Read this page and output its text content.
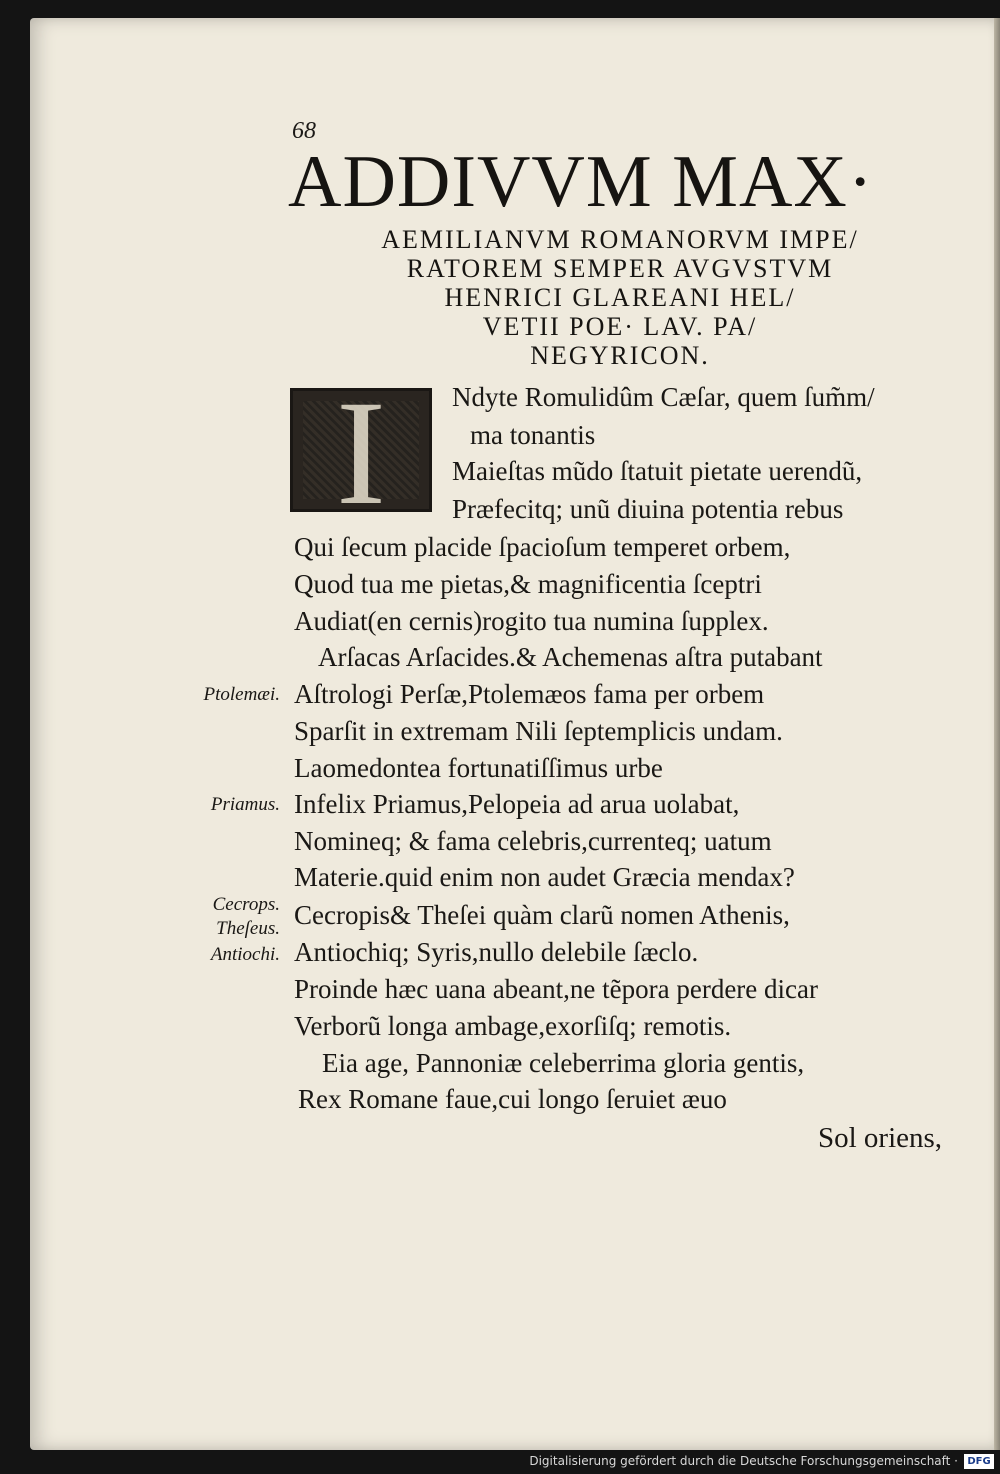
68
ADDIVVM MAX·
AEMILIANVM ROMANORVM IMPE/
RATOREM SEMPER AVGVSTVM
HENRICI GLAREANI HEL/
VETII POE· LAV. PA/
NEGYRICON.
I	Ndyte Romulidûm Cæſar, quem ſum̃m/
ma tonantis
Maieſtas mũdo ſtatuit pietate uerendũ,
Præfecitq; unũ diuina potentia rebus
Qui ſecum placide ſpacioſum temperet orbem,
Quod tua me pietas,& magnificentia ſceptri
Audiat(en cernis)rogito tua numina ſupplex.
Arſacas Arſacides.& Achemenas aſtra putabant
Aſtrologi Perſæ,Ptolemæos fama per orbem
Sparſit in extremam Nili ſeptemplicis undam.
Laomedontea fortunatiſſimus urbe
Infelix Priamus,Pelopeia ad arua uolabat,
Nomineq; & fama celebris,currenteq; uatum
Materie.quid enim non audet Græcia mendax?
Cecropis& Theſei quàm clarũ nomen Athenis,
Antiochiq; Syris,nullo delebile ſæclo.
Proinde hæc uana abeant,ne tẽpora perdere dicar
Verborũ longa ambage,exorſiſq; remotis.
Eia age, Pannoniæ celeberrima gloria gentis,
Rex Romane faue,cui longo ſeruiet æuo
Ptolemæi.
Priamus.
Cecrops.
Theſeus.
Antiochi.
Sol oriens,
Digitalisierung gefördert durch die Deutsche Forschungsgemeinschaft · DFG
